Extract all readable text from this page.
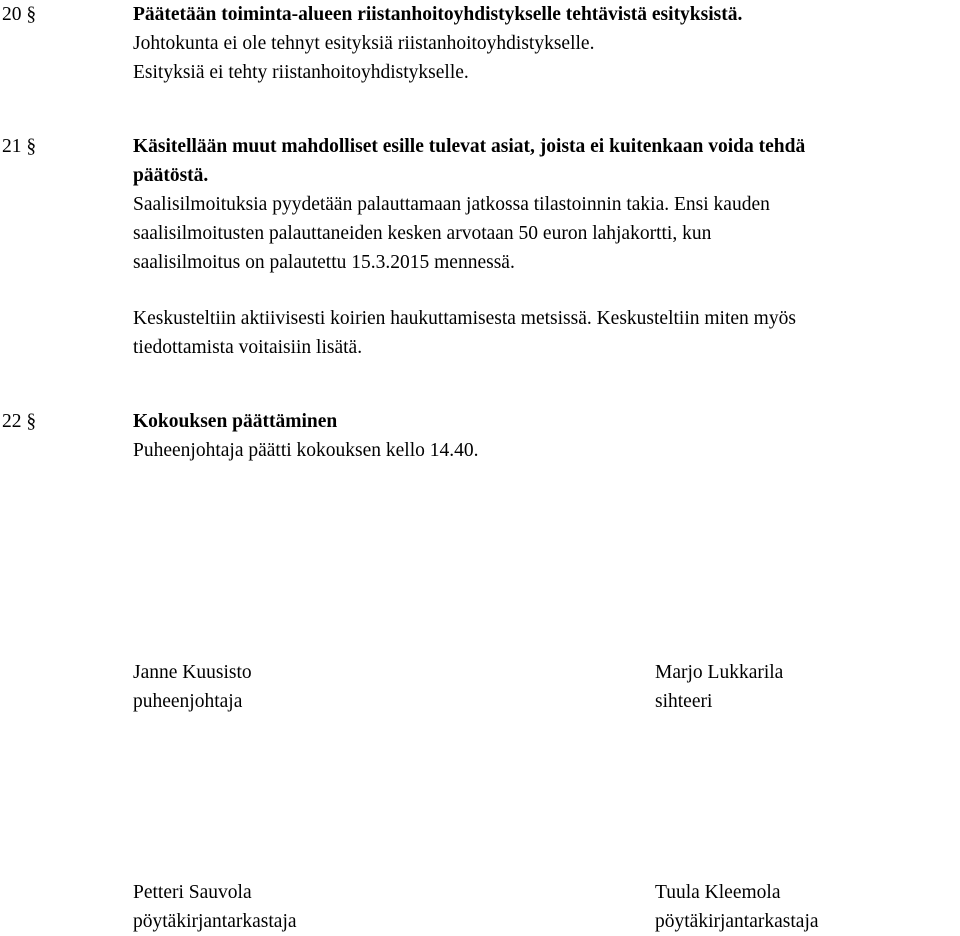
20 §	Päätetään toiminta-alueen riistanhoitoyhdistykselle tehtävistä esityksistä.
Johtokunta ei ole tehnyt esityksiä riistanhoitoyhdistykselle.
Esityksiä ei tehty riistanhoitoyhdistykselle.
21 §	Käsitellään muut mahdolliset esille tulevat asiat, joista ei kuitenkaan voida tehdä
päätöstä.
Saalisilmoituksia pyydetään palauttamaan jatkossa tilastoinnin takia. Ensi kauden
saalisilmoitusten palauttaneiden kesken arvotaan 50 euron lahjakortti, kun
saalisilmoitus on palautettu 15.3.2015 mennessä.
Keskusteltiin aktiivisesti koirien haukuttamisesta metsissä. Keskusteltiin miten myös
tiedottamista voitaisiin lisätä.
22 §	Kokouksen päättäminen
Puheenjohtaja päätti kokouksen kello 14.40.
Janne Kuusisto
puheenjohtaja
Marjo Lukkarila
sihteeri
Petteri Sauvola
pöytäkirjantarkastaja
Tuula Kleemola
pöytäkirjantarkastaja
